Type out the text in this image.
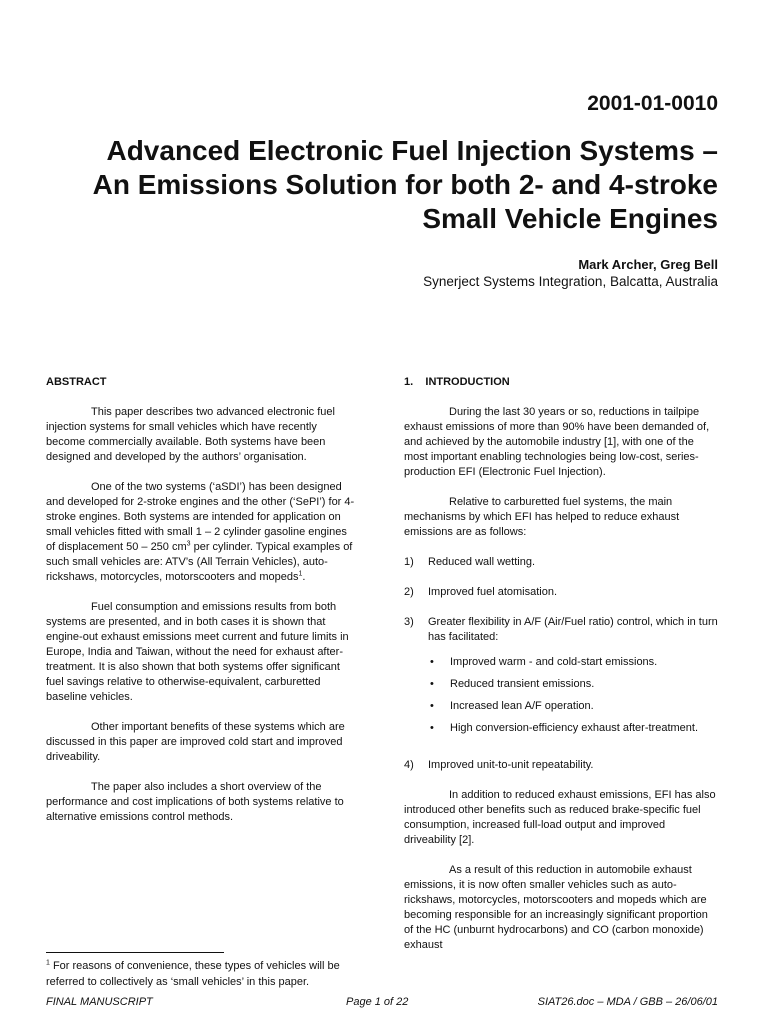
2001-01-0010
Advanced Electronic Fuel Injection Systems –
An Emissions Solution for both 2- and 4-stroke
Small Vehicle Engines
Mark Archer, Greg Bell
Synerject Systems Integration, Balcatta, Australia
ABSTRACT

This paper describes two advanced electronic fuel injection systems for small vehicles which have recently become commercially available. Both systems have been designed and developed by the authors’ organisation.

One of the two systems (‘aSDI’) has been designed and developed for 2-stroke engines and the other (‘SePI’) for 4-stroke engines. Both systems are intended for application on small vehicles fitted with small 1 – 2 cylinder gasoline engines of displacement 50 – 250 $cm^3$ per cylinder. Typical examples of such small vehicles are: ATV’s (All Terrain Vehicles), auto-rickshaws, motorcycles, motorscooters and mopeds$^1$.

Fuel consumption and emissions results from both systems are presented, and in both cases it is shown that engine-out exhaust emissions meet current and future limits in Europe, India and Taiwan, without the need for exhaust after-treatment. It is also shown that both systems offer significant fuel savings relative to otherwise-equivalent, carburetted baseline vehicles.

Other important benefits of these systems which are discussed in this paper are improved cold start and improved driveability.

The paper also includes a short overview of the performance and cost implications of both systems relative to alternative emissions control methods.

1.    INTRODUCTION

During the last 30 years or so, reductions in tailpipe exhaust emissions of more than 90% have been demanded of, and achieved by the automobile industry [1], with one of the most important enabling technologies being low-cost, series-production EFI (Electronic Fuel Injection).

Relative to carburetted fuel systems, the main mechanisms by which EFI has helped to reduce exhaust emissions are as follows:

1) Reduced wall wetting.
2) Improved fuel atomisation.
3) Greater flexibility in A/F (Air/Fuel ratio) control, which in turn has facilitated:
• Improved warm - and cold-start emissions.
• Reduced transient emissions.
• Increased lean A/F operation.
• High conversion-efficiency exhaust after-treatment.
4) Improved unit-to-unit repeatability.

In addition to reduced exhaust emissions, EFI has also introduced other benefits such as reduced brake-specific fuel consumption, increased full-load output and improved driveability [2].

As a result of this reduction in automobile exhaust emissions, it is now often smaller vehicles such as auto-rickshaws, motorcycles, motorscooters and mopeds which are becoming responsible for an increasingly significant proportion of the HC (unburnt hydrocarbons) and CO (carbon monoxide) exhaust

$^1$ For reasons of convenience, these types of vehicles will be referred to collectively as ‘small vehicles’ in this paper.
FINAL MANUSCRIPT	Page 1 of 22	SIAT26.doc – MDA / GBB – 26/06/01
